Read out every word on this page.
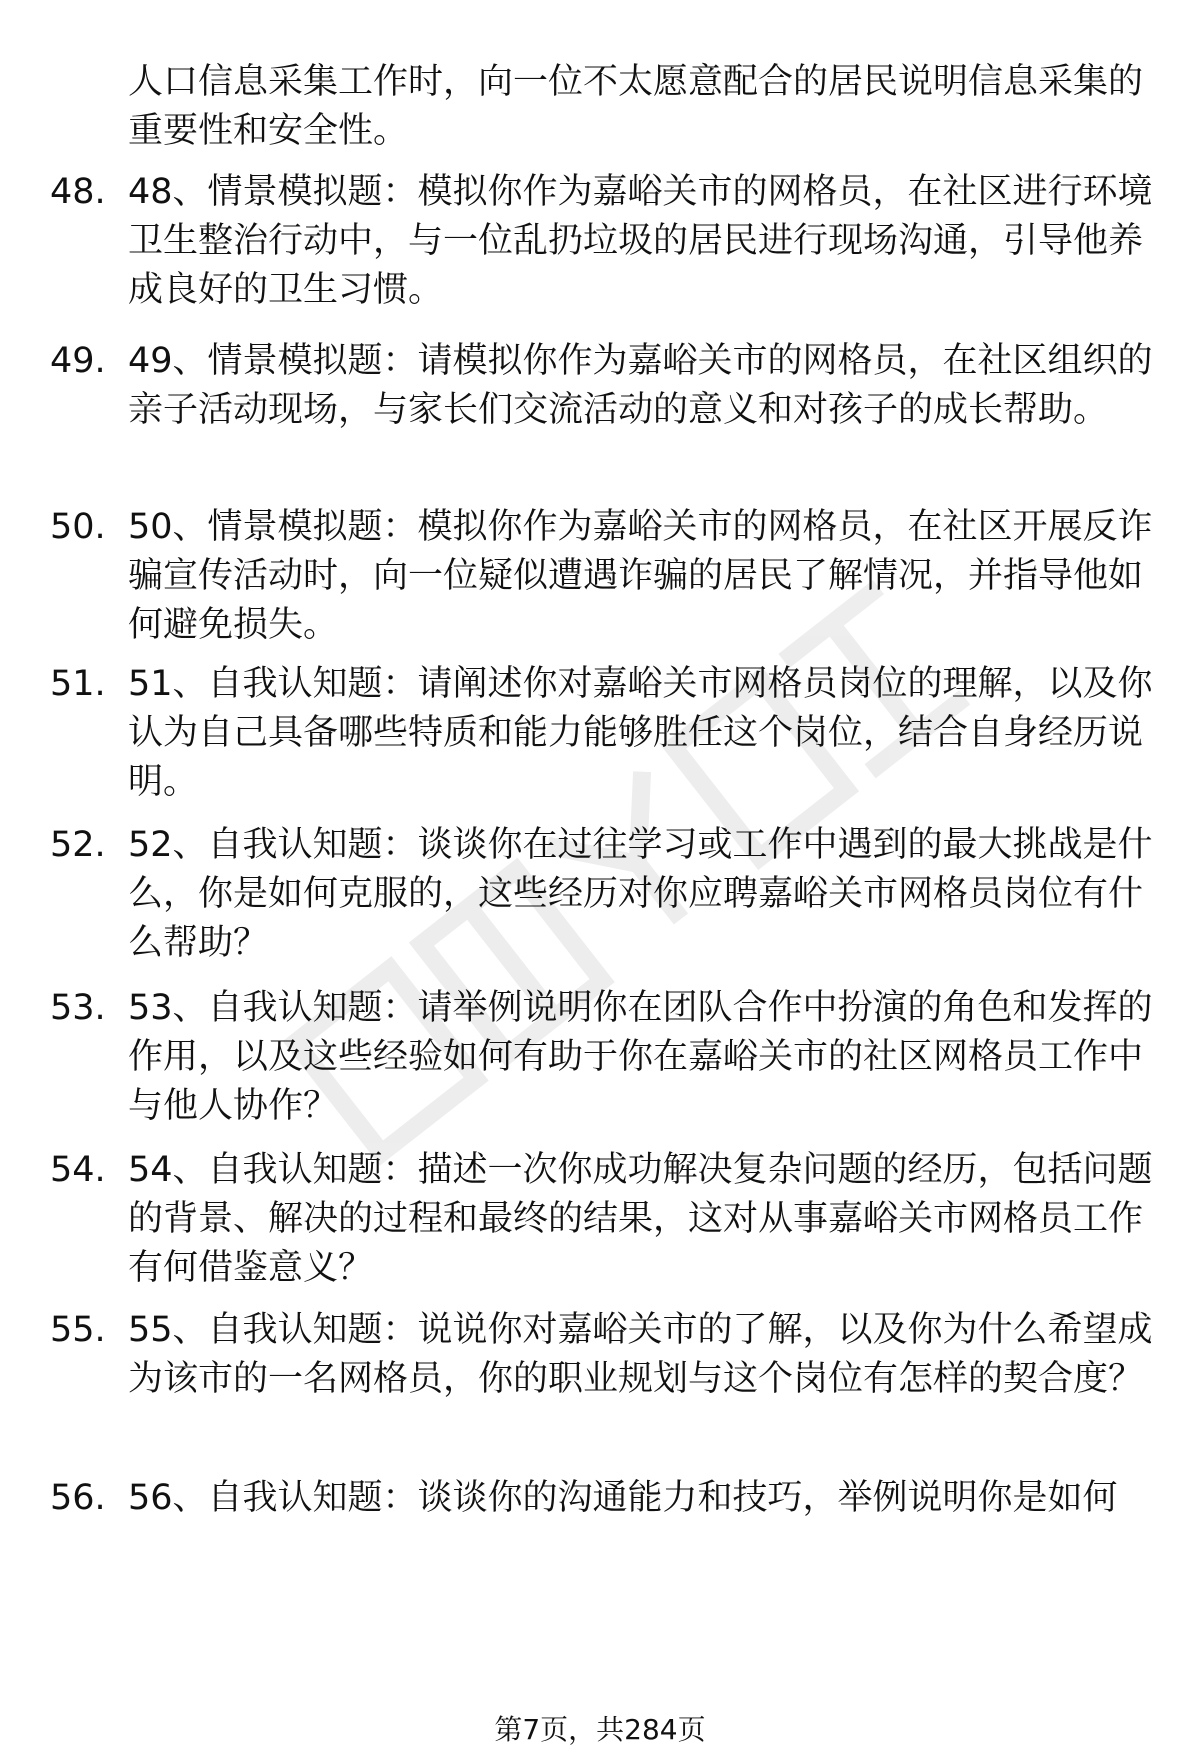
人口信息采集工作时，向一位不太愿意配合的居民说明信息采集的重要性和安全性。
48. 48、情景模拟题：模拟你作为嘉峪关市的网格员，在社区进行环境卫生整治行动中，与一位乱扔垃圾的居民进行现场沟通，引导他养成良好的卫生习惯。
49. 49、情景模拟题：请模拟你作为嘉峪关市的网格员，在社区组织的亲子活动现场，与家长们交流活动的意义和对孩子的成长帮助。
50. 50、情景模拟题：模拟你作为嘉峪关市的网格员，在社区开展反诈骗宣传活动时，向一位疑似遭遇诈骗的居民了解情况，并指导他如何避免损失。
51. 51、自我认知题：请阐述你对嘉峪关市网格员岗位的理解，以及你认为自己具备哪些特质和能力能够胜任这个岗位，结合自身经历说明。
52. 52、自我认知题：谈谈你在过往学习或工作中遇到的最大挑战是什么，你是如何克服的，这些经历对你应聘嘉峪关市网格员岗位有什么帮助？
53. 53、自我认知题：请举例说明你在团队合作中扮演的角色和发挥的作用，以及这些经验如何有助于你在嘉峪关市的社区网格员工作中与他人协作？
54. 54、自我认知题：描述一次你成功解决复杂问题的经历，包括问题的背景、解决的过程和最终的结果，这对从事嘉峪关市网格员工作有何借鉴意义？
55. 55、自我认知题：说说你对嘉峪关市的了解，以及你为什么希望成为该市的一名网格员，你的职业规划与这个岗位有怎样的契合度？
56. 56、自我认知题：谈谈你的沟通能力和技巧，举例说明你是如何
第7页，共284页
